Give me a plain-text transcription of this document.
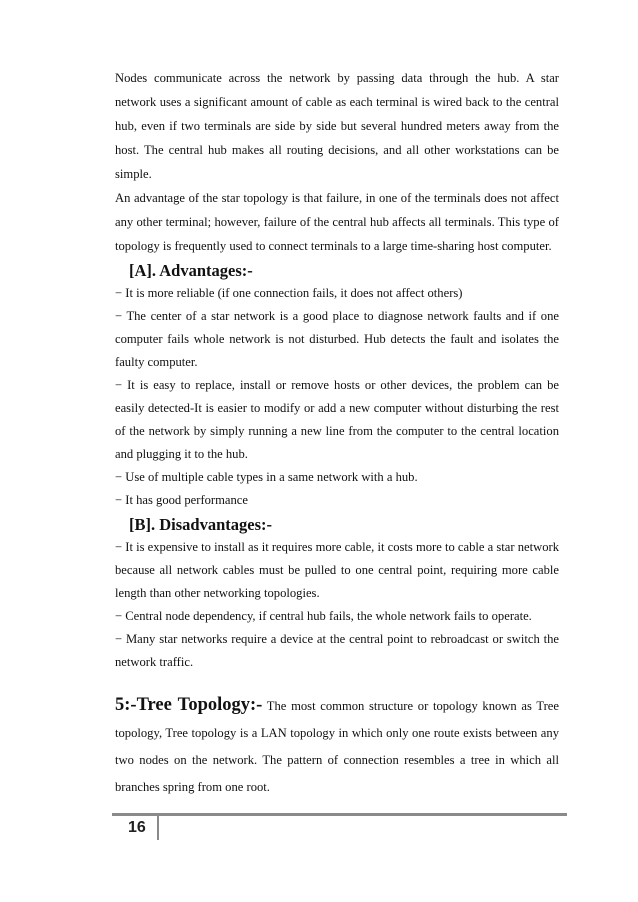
Nodes communicate across the network by passing data through the hub. A star network uses a significant amount of cable as each terminal is wired back to the central hub, even if two terminals are side by side but several hundred meters away from the host. The central hub makes all routing decisions, and all other workstations can be simple.

An advantage of the star topology is that failure, in one of the terminals does not affect any other terminal; however, failure of the central hub affects all terminals. This type of topology is frequently used to connect terminals to a large time-sharing host computer.

[A]. Advantages:-

− It is more reliable (if one connection fails, it does not affect others)

− The center of a star network is a good place to diagnose network faults and if one computer fails whole network is not disturbed. Hub detects the fault and isolates the faulty computer.

− It is easy to replace, install or remove hosts or other devices, the problem can be easily detected-It is easier to modify or add a new computer without disturbing the rest of the network by simply running a new line from the computer to the central location and plugging it to the hub.

− Use of multiple cable types in a same network with a hub.

− It has good performance

[B]. Disadvantages:-

− It is expensive to install as it requires more cable, it costs more to cable a star network because all network cables must be pulled to one central point, requiring more cable length than other networking topologies.

− Central node dependency, if central hub fails, the whole network fails to operate.

− Many star networks require a device at the central point to rebroadcast or switch the network traffic.

5:-Tree Topology:- The most common structure or topology known as Tree topology, Tree topology is a LAN topology in which only one route exists between any two nodes on the network. The pattern of connection resembles a tree in which all branches spring from one root.

16
